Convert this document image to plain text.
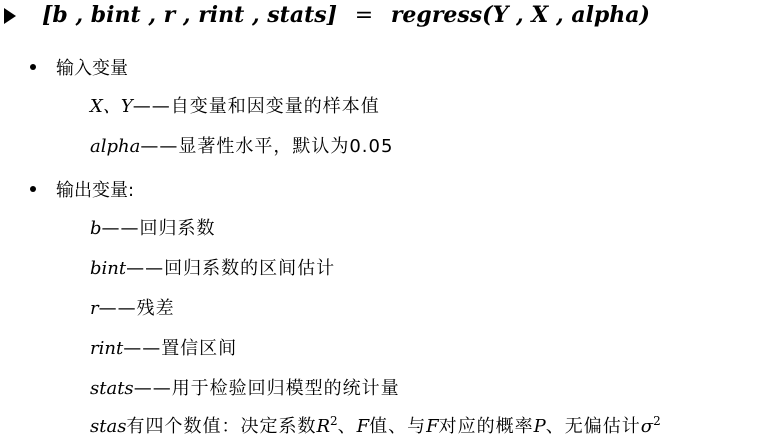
[b , bint , r , rint , stats] = regress(Y , X , alpha)
输入变量
X、Y——自变量和因变量的样本值
alpha——显著性水平，默认为0.05
输出变量:
b——回归系数
bint——回归系数的区间估计
r——残差
rint——置信区间
stats——用于检验回归模型的统计量
stas有四个数值：决定系数$R^2$、F值、与F对应的概率P、无偏估计$\sigma^2$
